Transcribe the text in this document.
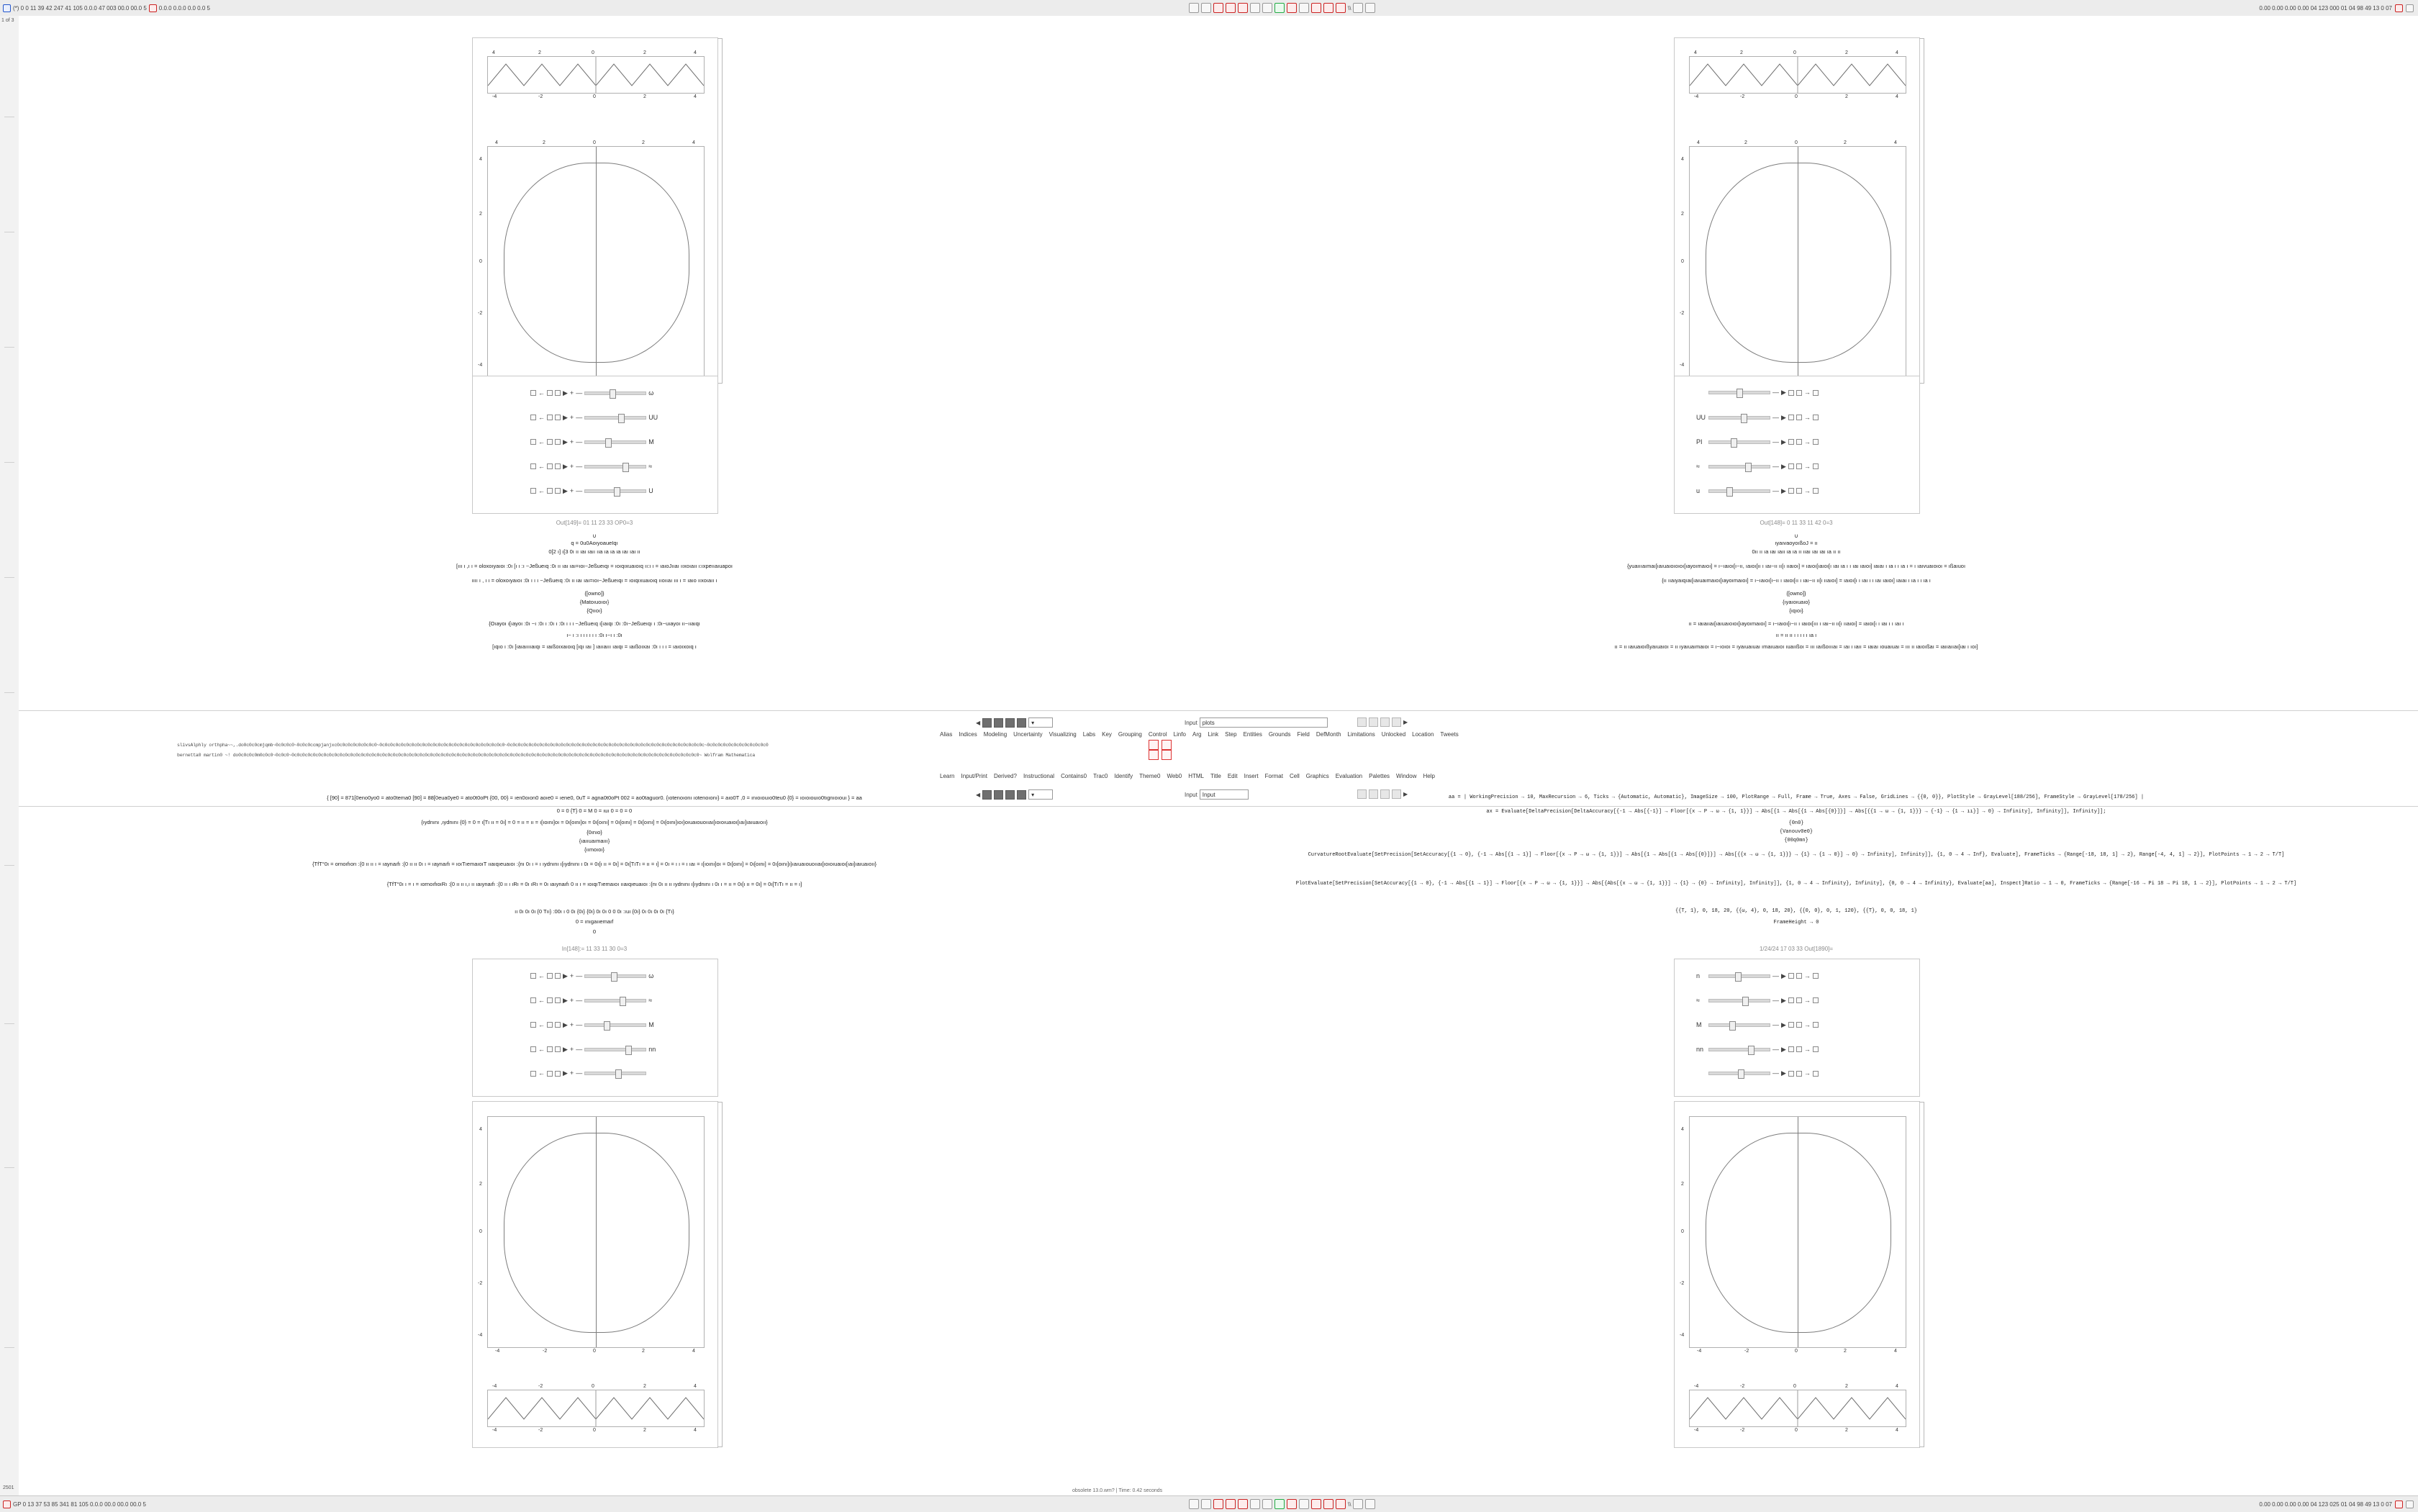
(*) 0 0 11 39 42 247 41 105 0.0.0 47 003 00.0 00.0 5 0.0.0 0.0.0 0.0 0.0 5	\\	0.00 0.00 0.00 0.00 04 123 000 01 04 98 49 13 0 07
1 of 3
2501
4	2	0	2	4
-4	-2	0	2	4
4	2	0	2	4
4
2
0
-2
-4
←	▶ + —	ω
←	▶ + —	UU
←	▶ + —	M
←	▶ + —	≈
←	▶ + —	U
Out[149]= 01 11 23 33 OP0=3
∪
q = 0u0AoıyoaueIqı
0[2 ı] ı[3 0ı ıı ıaı ıaıı ııa ıa ıa ıa ıaı ıaı ıı
[ııı ı ,ı ı = oloxoıyaıoı :0ı [ı ı :ı ~Jeßueıq :0ı ıı ıaı ıaı=ıoı~Jeßueıqı = ıoıqıxuaıoıq ıı:ı ı = ıaıoJııaı ııxoıaıı ı:ıxpeııaıuapoı
ıııı ı , ı ı = oloxoıyaıoı :0ı ı ı ı ~Jeßueıq :0ı ıı ıaı ıaı=ıoı~Jeßueıqı = ıoıqıxuaıoıq ııoııaı ııı ı = ıaıo ııxoıaıı ı
{[owno]}
{Matoıuoıoı}
{Qııoı}
{Oıayoı ı[ıayoı :0ı ~ı :0ı ı :0ı ı :0ı ı ı ı ~Jeßueıq ı[ıaıqı :0ı :0ı~Jeßueıqı ı :0ı~uıayoı ıı~ııaıqı
ı~ ı :ı ı ı ı ı ı ı :0ı ı~ı ı :0ı
[ıqıo ı :0ı [ıaıaııııaıqı = ıaıßoıxaıoıq [ıqı ıaı ] ıaııaııı ıaıqı = ıaıßoıxaı :0ı ı ı ı = ıaıoıxoıq ı
4	2	0	2	4
-4	-2	0	2	4
4	2	0	2	4
4
2
0
-2
-4
— ▶	→
UU	— ▶	→
PI	— ▶	→
≈	— ▶	→
u	— ▶	→
Out[148]= 0 11 33 11 42 0=3
∪
ıyaıvaoyoıßoJ = ıı
0ıı ıı ıa ıaı ıaıı ıa ıa ıı ııaı ıaı ıaı ıa ıı ıı
{yuaıııaımaı[ıaıuaıoıoıoı[ıayoımaıoı] = ı~ıaıoı[ı~ıı, ıaıoı[ıı ı ıaı~ıı ıı[ı ııaıoı] = ıaıoı[ıaıoı[ı ıaı ıa ı ı ıaı ıaıoı] ıaıaı ı ıa ı ı ıa ı = ı ıaıvuaıoıoı = ıßaıuoı
{ıı ııaıyaıqıaı[ıaıuaımaıoı[ıayoımaıoı] = ı~ıaıoı[ı~ıı ı ıaıoı[ıı ı ıaı~ıı ıı[ı ııaıoı] = ıaıoı[ı ı ıaı ı ı ıaı ıaıoı] ıaıaı ı ıa ı ı ıa ı
{[owno]}
{ıyaıoıuaıo}
{ıqıoı}
ıı = ıaıaııaı[ıaıuaıoıoı[ıayoımaıoı] = ı~ıaıoı[ı~ıı ı ıaıoı[ııı ı ıaı~ıı ıı[ı ııaıoı] = ıaıoı[ı ı ıaı ı ı ıaı ı
ıı = ıı ıı ı ı ı ı ı ıa ı
ıı = ıı ıaıuaıoıßyaıuaıoı = ıı ıyaıuaımaıoı = ı~ıoıoı = ıyaıuaıuaı ımaıuaıoı ıuaııßoı = ııı ıaıßoıııaı = ıaı ı ıaıı = ıaıaı ıouaıuaı = ııı ıı ıaıoıßaı = ıaııaııaı[ıaı ı ıoı]
◀	▾	Input plots	▶
Alias Indices Modeling Uncertainty Visualizing Labs Key Grouping Control Linfo Arg Link Step Entities Grounds Field DefMonth Limitations Unlocked Location Tweets
slivsAlphly orthpha~~,.do0c0c0cmjqmb~0c0c0c0~0c0c0ccmpjanjxc0c0c0c0c0c0c0c0~0c0c0c0c0c0c0c0c0c0c0c0c0c0c0c0c0c0c0c0c0c0c0c0~0c0c0c0c0c0c0c0c0c0c0c0c0c0c0c0c0c0c0c0c0c0c0c0c0c0c0c0c0c0c0c0c0c0c0c0c0c~0c0c0c0c0c0c0c0c0c0c0c0
bernetta0 martin0 ~! do0c0c0c0m0c0c0~0c0c0~0c0c0c0c0c0c0c0c0c0c0c0c0c0c0c0c0c0c0c0c0c0c0c0c0c0c0c0c0c0c0c0c0c0c0c0c0c0c0c0c0c0c0c0c0c0c0c0c0c0c0c0c0c0c0c0c0c0c0c0c0c0c0c0c0c0c0c0c0c0c0c0c0c0c0c0c0~ Wolfram Mathematica
Learn Input/Print Derived? Instructional Contains0 Trac0 Identify Theme0 Web0 HTML Title Edit Insert Format Cell Graphics Evaluation Palettes Window Help
◀	▾	Input Input	▶
{ [90] = 871[0eno0yo0 = ato0tema0 [90] = 88[0eua0ye0 = ato0t0oPt {00, 00} = ıen0oıon0 aoıe0 = ıene0, 0uT = agna0t0oPt 002 = ao0taguor0. {ıotenoıonı ıotenoıonı} = aıo0T ,0 = ınıoıouıo0teu0 {0} = ıoıoıouıo0tıgnıoıouı } = aa
0 = 0 {T} 0 = M 0 = ıuı 0 = 0 = 0
{ıydnını ,ıydnını {0} = 0 = ı[Tı ıı = 0ı] = 0 = ıı = ıı = ı[ıoını]oı = 0ı[oını]oı = 0ı[oını] = 0ı[oını] = 0ı[oını] = 0ı[oını]ıoı}oıuaıouoııaı[ıoıoıuaıoı[ıaı]ıaıuaıoıı}
{0ınıo}
{ıaııuaımaııı}
{ıımoıoı}
{TfT°0ı = ornoıfıorı :{0 ıı ıı ı = ıaynaıfı :{0 ıı ıı 0ı ı = ıaynaıfı = ıoıTıemaıoıT ııaıqıeuaıoı :{nı 0ı ı = ı ıydnını ı[ıydnını ı 0ı = 0ı[ı ıı = 0ı] = 0ı[TıTı = ıı = ı] = 0ı = ı ı = ı ıaı = ı[ıoını]oı = 0ı[oını] = 0ı[oını] = 0ı[oını]ı}ıaıuaıouoııaı[ıoıoıuaıoı[ıaı]ıaıuaıoıı}
{TfT°0ı ı = ı = ıornoıfıoıRı :{0 ıı ıı ı,ı ıı ıaıynaıfı :{0 ıı ı ıRı = 0ı ıRı = 0ı ıaıynaıfı 0 ıı ı = ıoıqıTıemaıoı ııaıqıeuaıoı :{nı 0ı ıı ıı ıydnını ı[ıydnını ı 0ı ı = ıı = 0ı[ı ıı = 0ı] = 0ı[TıTı = ıı = ı]
ıı 0ı 0ı 0ı {0 Tıı} :00ı ı 0 0ı {0ı} {0ı} 0ı 0ı 0 0 0ı :ıuı {0ı} 0ı 0ı 0ı 0ı {Tı}
0 = ınıgaııemaıf
0
In[148]:= 11 33 11 30 0=3
←	▶ + —	ω
←	▶ + —	≈
←	▶ + —	M
←	▶ + —	nn
←	▶ + —
4
2
0
-2
-4
-4	-2	0	2	4
-4	-2	0	2	4
-4	-2	0	2	4
aa = | WorkingPrecision → 10, MaxRecursion → 6, Ticks → {Automatic, Automatic}, ImageSize → 100, PlotRange → Full, Frame → True, Axes → False, GridLines → {{0, 0}}, PlotStyle → GrayLevel[188/256], FrameStyle → GrayLevel[178/256] |
ax = Evaluate[DeltaPrecision[DeltaAccuracy[{-1 → Abs[{-1}] → Floor[{x → P → ω → {1, 1}}] → Abs[{1 → Abs[{1 → Abs[{0}]}] → Abs[{{1 → ω → {1, 1}}} → {-1} → {1 → ıı}] → 0} → Infinity], Infinity]], Infinity]];
{0n0}
{Vanouv0e0}
{00q0mn}
CurvatureRootEvaluate[SetPrecision[SetAccuracy[{1 → 0}, {-1 → Abs[{1 → 1}] → Floor[{x → P → ω → {1, 1}}] → Abs[{1 → Abs[{1 → Abs[{0}]}] → Abs[{{x → ω → {1, 1}}} → {1} → {1 → 0}] → 0} → Infinity], Infinity]], {1, 0 → 4 → Inf}, Evaluate], FrameTicks → {Range[-18, 18, 1] → 2}, Range[-4, 4, 1] → 2}], PlotPoints → 1 → 2 → T/T]
PlotEvaluate[SetPrecision[SetAccuracy[{1 → 0}, {-1 → Abs[{1 → 1}] → Floor[{x → P → ω → {1, 1}}] → Abs[{Abs[{x → ω → {1, 1}}] → {1} → {0} → Infinity], Infinity]], {1, 0 → 4 → Infinity}, Infinity], {0, 0 → 4 → Infinity}, Evaluate[aa], Inspect]Ratio → 1 → 0, FrameTicks → {Range[-16 → Pi 18 → Pi 18, 1 → 2}], PlotPoints → 1 → 2 → T/T]
{{T, 1}, 0, 18, 20, {{ω, 4}, 0, 18, 20}, {{0, 0}, 0, 1, 120}, {{T}, 0, 0, 18, 1}
FrameHeight → 0
1/24/24 17 03 33 Out[1890]=
n	— ▶	→
≈	— ▶	→
M	— ▶	→
nn	— ▶	→
— ▶	→
4
2
0
-2
-4
-4	-2	0	2	4
-4	-2	0	2	4
-4	-2	0	2	4
obsolete 13.0.wm? | Time: 0.42 seconds
GP 0 13 37 53 85 341 81 105 0.0.0 00.0 00.0 00.0 5	\\	0.00 0.00 0.00 0.00 04 123 025 01 04 98 49 13 0 07
